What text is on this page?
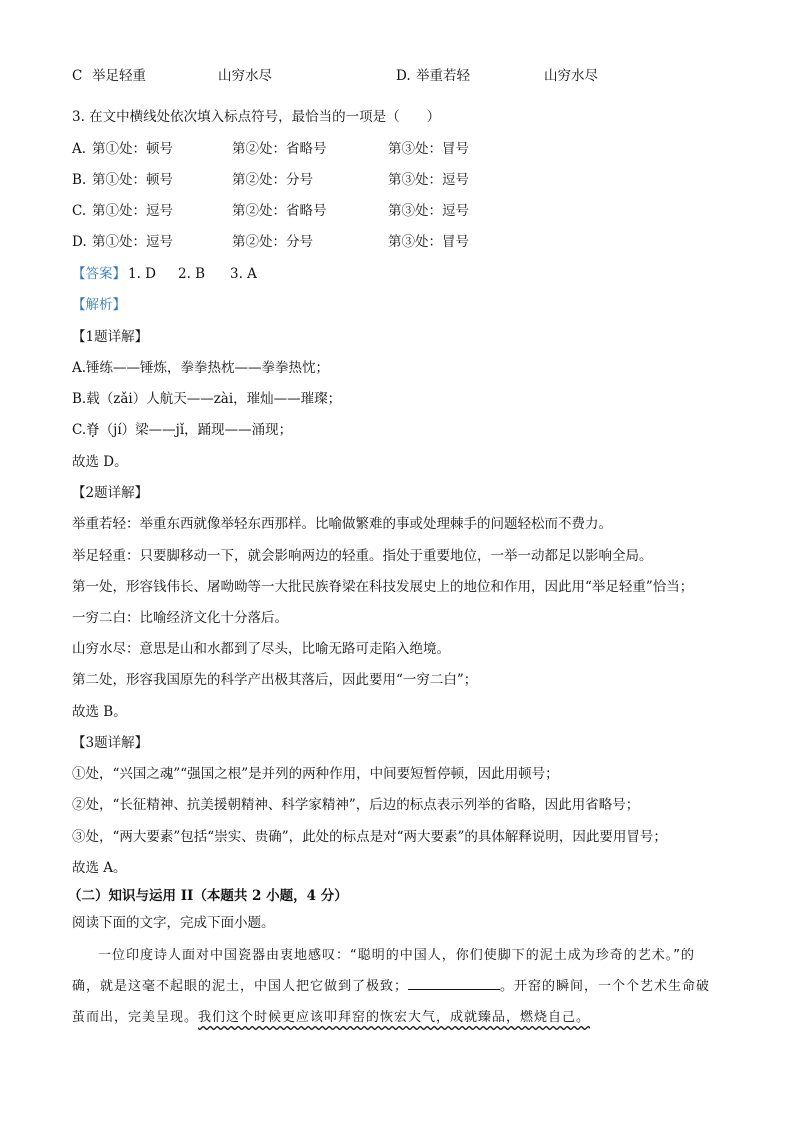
C 举足轻重	山穷水尽	D. 举重若轻	山穷水尽
3. 在文中横线处依次填入标点符号，最恰当的一项是（　　）
A. 第①处：顿号	第②处：省略号	第③处：冒号
B. 第①处：顿号	第②处：分号	第③处：逗号
C. 第①处：逗号	第②处：省略号	第③处：逗号
D. 第①处：逗号	第②处：分号	第③处：冒号
【答案】 1. D 2. B 3. A
【解析】
【1题详解】
A.锤练——锤炼，拳拳热枕——拳拳热忱；
B.载（zǎi）人航天——zài，璀灿——璀璨；
C.脊（jí）梁——jǐ，踊现——涌现；
故选 D。
【2题详解】
举重若轻：举重东西就像举轻东西那样。比喻做繁难的事或处理棘手的问题轻松而不费力。
举足轻重：只要脚移动一下，就会影响两边的轻重。指处于重要地位，一举一动都足以影响全局。
第一处，形容钱伟长、屠呦呦等一大批民族脊梁在科技发展史上的地位和作用，因此用“举足轻重”恰当；
一穷二白：比喻经济文化十分落后。
山穷水尽：意思是山和水都到了尽头，比喻无路可走陷入绝境。
第二处，形容我国原先的科学产出极其落后，因此要用“一穷二白”；
故选 B。
【3题详解】
①处，“兴国之魂”“强国之根”是并列的两种作用，中间要短暂停顿，因此用顿号；
②处，“长征精神、抗美援朝精神、科学家精神”，后边的标点表示列举的省略，因此用省略号；
③处，“两大要素”包括“崇实、贵确”，此处的标点是对“两大要素”的具体解释说明，因此要用冒号；
故选 A。
（二）知识与运用 II（本题共 2 小题，4 分）
阅读下面的文字，完成下面小题。
一位印度诗人面对中国瓷器由衷地感叹：“聪明的中国人，你们使脚下的泥土成为珍奇的艺术。”的
确，就是这毫不起眼的泥土，中国人把它做到了极致；	。开窑的瞬间，一个个艺术生命破
茧而出，完美呈现。我们这个时候更应该叩拜窑的恢宏大气，成就臻品，燃烧自己。
